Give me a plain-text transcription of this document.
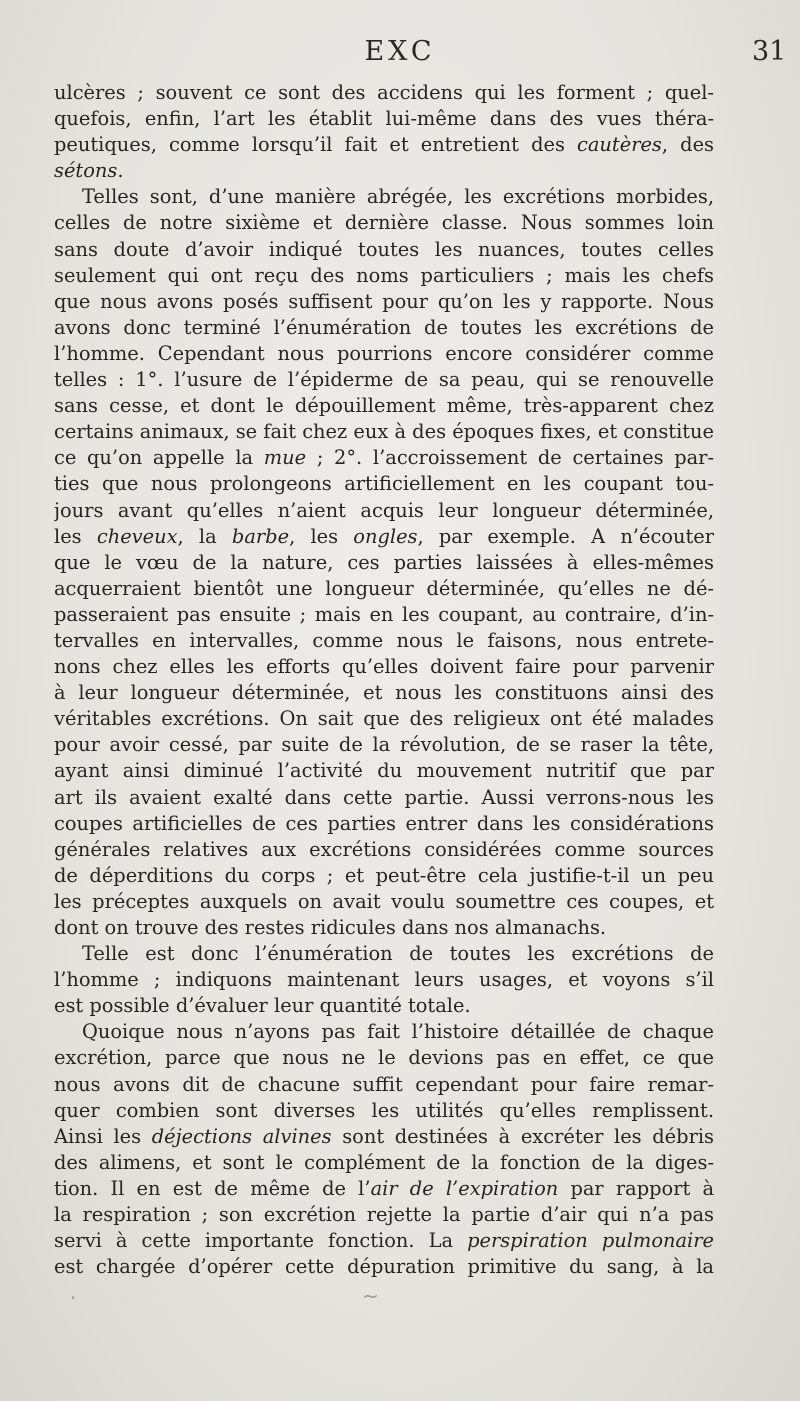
EXC	31
ulcères ; souvent ce sont des accidens qui les forment ; quel-
quefois, enfin, l’art les établit lui-même dans des vues théra-
peutiques, comme lorsqu’il fait et entretient des cautères, des
sétons.
Telles sont, d’une manière abrégée, les excrétions morbides,
celles de notre sixième et dernière classe. Nous sommes loin
sans doute d’avoir indiqué toutes les nuances, toutes celles
seulement qui ont reçu des noms particuliers ; mais les chefs
que nous avons posés suffisent pour qu’on les y rapporte. Nous
avons donc terminé l’énumération de toutes les excrétions de
l’homme. Cependant nous pourrions encore considérer comme
telles : 1°. l’usure de l’épiderme de sa peau, qui se renouvelle
sans cesse, et dont le dépouillement même, très-apparent chez
certains animaux, se fait chez eux à des époques fixes, et constitue
ce qu’on appelle la mue ; 2°. l’accroissement de certaines par-
ties que nous prolongeons artificiellement en les coupant tou-
jours avant qu’elles n’aient acquis leur longueur déterminée,
les cheveux, la barbe, les ongles, par exemple. A n’écouter
que le vœu de la nature, ces parties laissées à elles-mêmes
acquerraient bientôt une longueur déterminée, qu’elles ne dé-
passeraient pas ensuite ; mais en les coupant, au contraire, d’in-
tervalles en intervalles, comme nous le faisons, nous entrete-
nons chez elles les efforts qu’elles doivent faire pour parvenir
à leur longueur déterminée, et nous les constituons ainsi des
véritables excrétions. On sait que des religieux ont été malades
pour avoir cessé, par suite de la révolution, de se raser la tête,
ayant ainsi diminué l’activité du mouvement nutritif que par
art ils avaient exalté dans cette partie. Aussi verrons-nous les
coupes artificielles de ces parties entrer dans les considérations
générales relatives aux excrétions considérées comme sources
de déperditions du corps ; et peut-être cela justifie-t-il un peu
les préceptes auxquels on avait voulu soumettre ces coupes, et
dont on trouve des restes ridicules dans nos almanachs.
Telle est donc l’énumération de toutes les excrétions de
l’homme ; indiquons maintenant leurs usages, et voyons s’il
est possible d’évaluer leur quantité totale.
Quoique nous n’ayons pas fait l’histoire détaillée de chaque
excrétion, parce que nous ne le devions pas en effet, ce que
nous avons dit de chacune suffit cependant pour faire remar-
quer combien sont diverses les utilités qu’elles remplissent.
Ainsi les déjections alvines sont destinées à excréter les débris
des alimens, et sont le complément de la fonction de la diges-
tion. Il en est de même de l’air de l’expiration par rapport à
la respiration ; son excrétion rejette la partie d’air qui n’a pas
servi à cette importante fonction. La perspiration pulmonaire
est chargée d’opérer cette dépuration primitive du sang, à la
~
·
